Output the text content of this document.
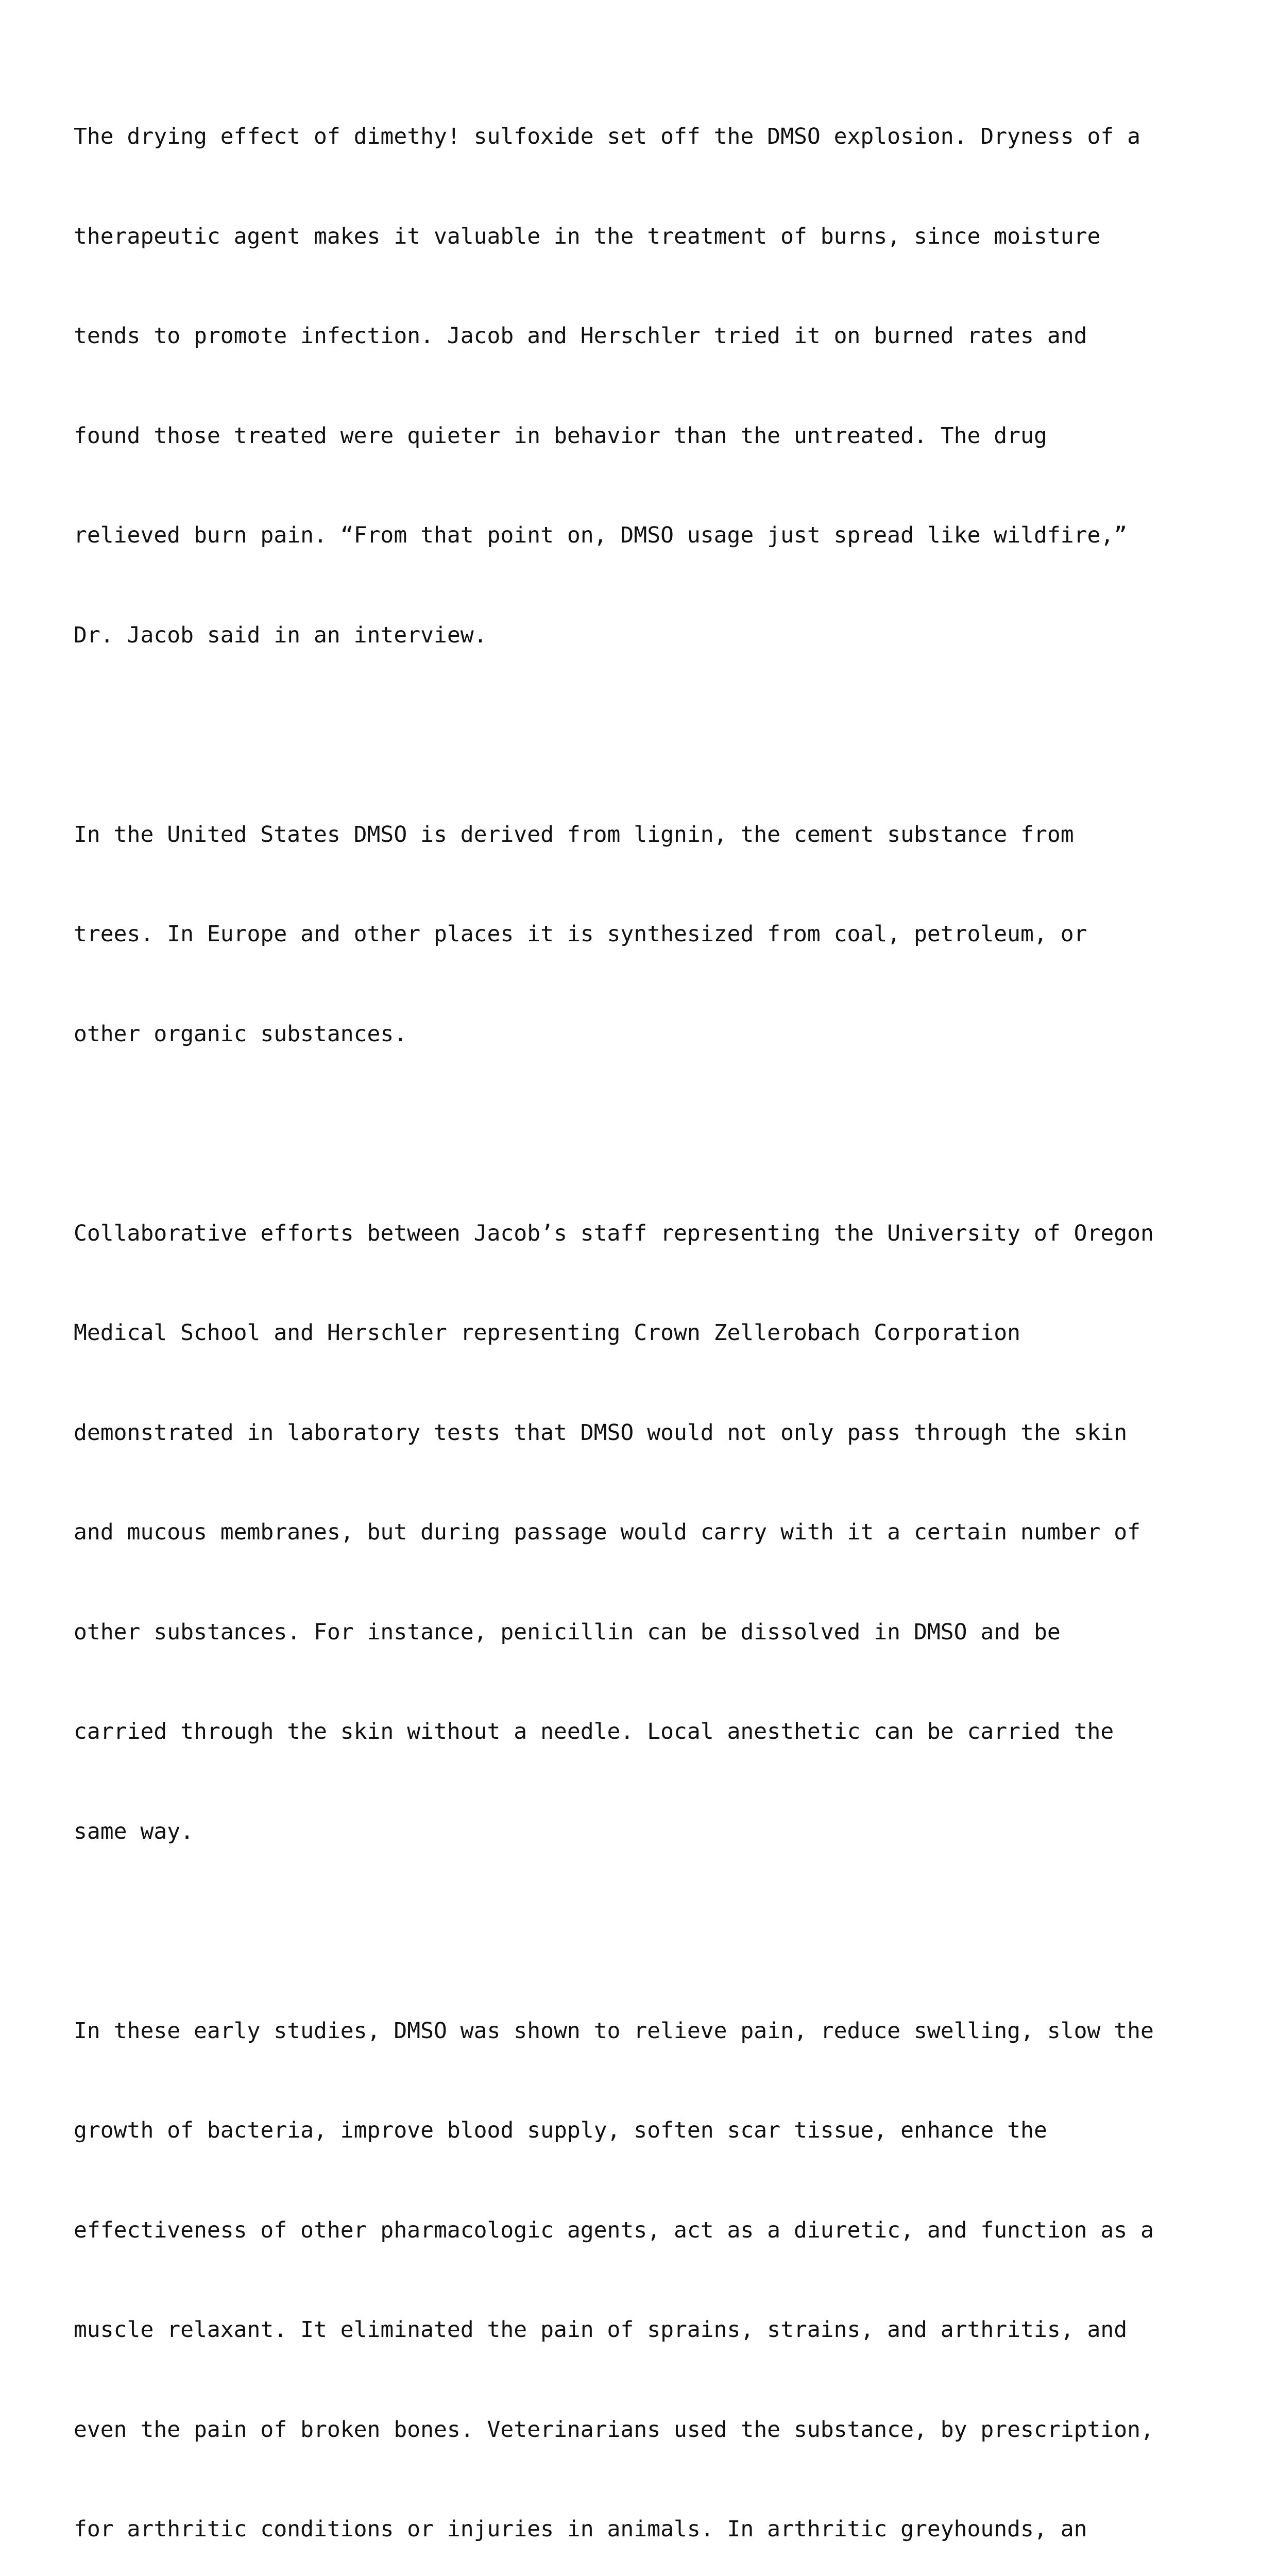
The drying effect of dimethy! sulfoxide set off the DMSO explosion. Dryness of a

therapeutic agent makes it valuable in the treatment of burns, since moisture

tends to promote infection. Jacob and Herschler tried it on burned rates and

found those treated were quieter in behavior than the untreated. The drug

relieved burn pain. “From that point on, DMSO usage just spread like wildfire,”

Dr. Jacob said in an interview.

In the United States DMSO is derived from lignin, the cement substance from

trees. In Europe and other places it is synthesized from coal, petroleum, or

other organic substances.

Collaborative efforts between Jacob’s staff representing the University of Oregon

Medical School and Herschler representing Crown Zellerobach Corporation

demonstrated in laboratory tests that DMSO would not only pass through the skin

and mucous membranes, but during passage would carry with it a certain number of

other substances. For instance, penicillin can be dissolved in DMSO and be

carried through the skin without a needle. Local anesthetic can be carried the

same way.

In these early studies, DMSO was shown to relieve pain, reduce swelling, slow the

growth of bacteria, improve blood supply, soften scar tissue, enhance the

effectiveness of other pharmacologic agents, act as a diuretic, and function as a

muscle relaxant. It eliminated the pain of sprains, strains, and arthritis, and

even the pain of broken bones. Veterinarians used the substance, by prescription,

for arthritic conditions or injuries in animals. In arthritic greyhounds, an
